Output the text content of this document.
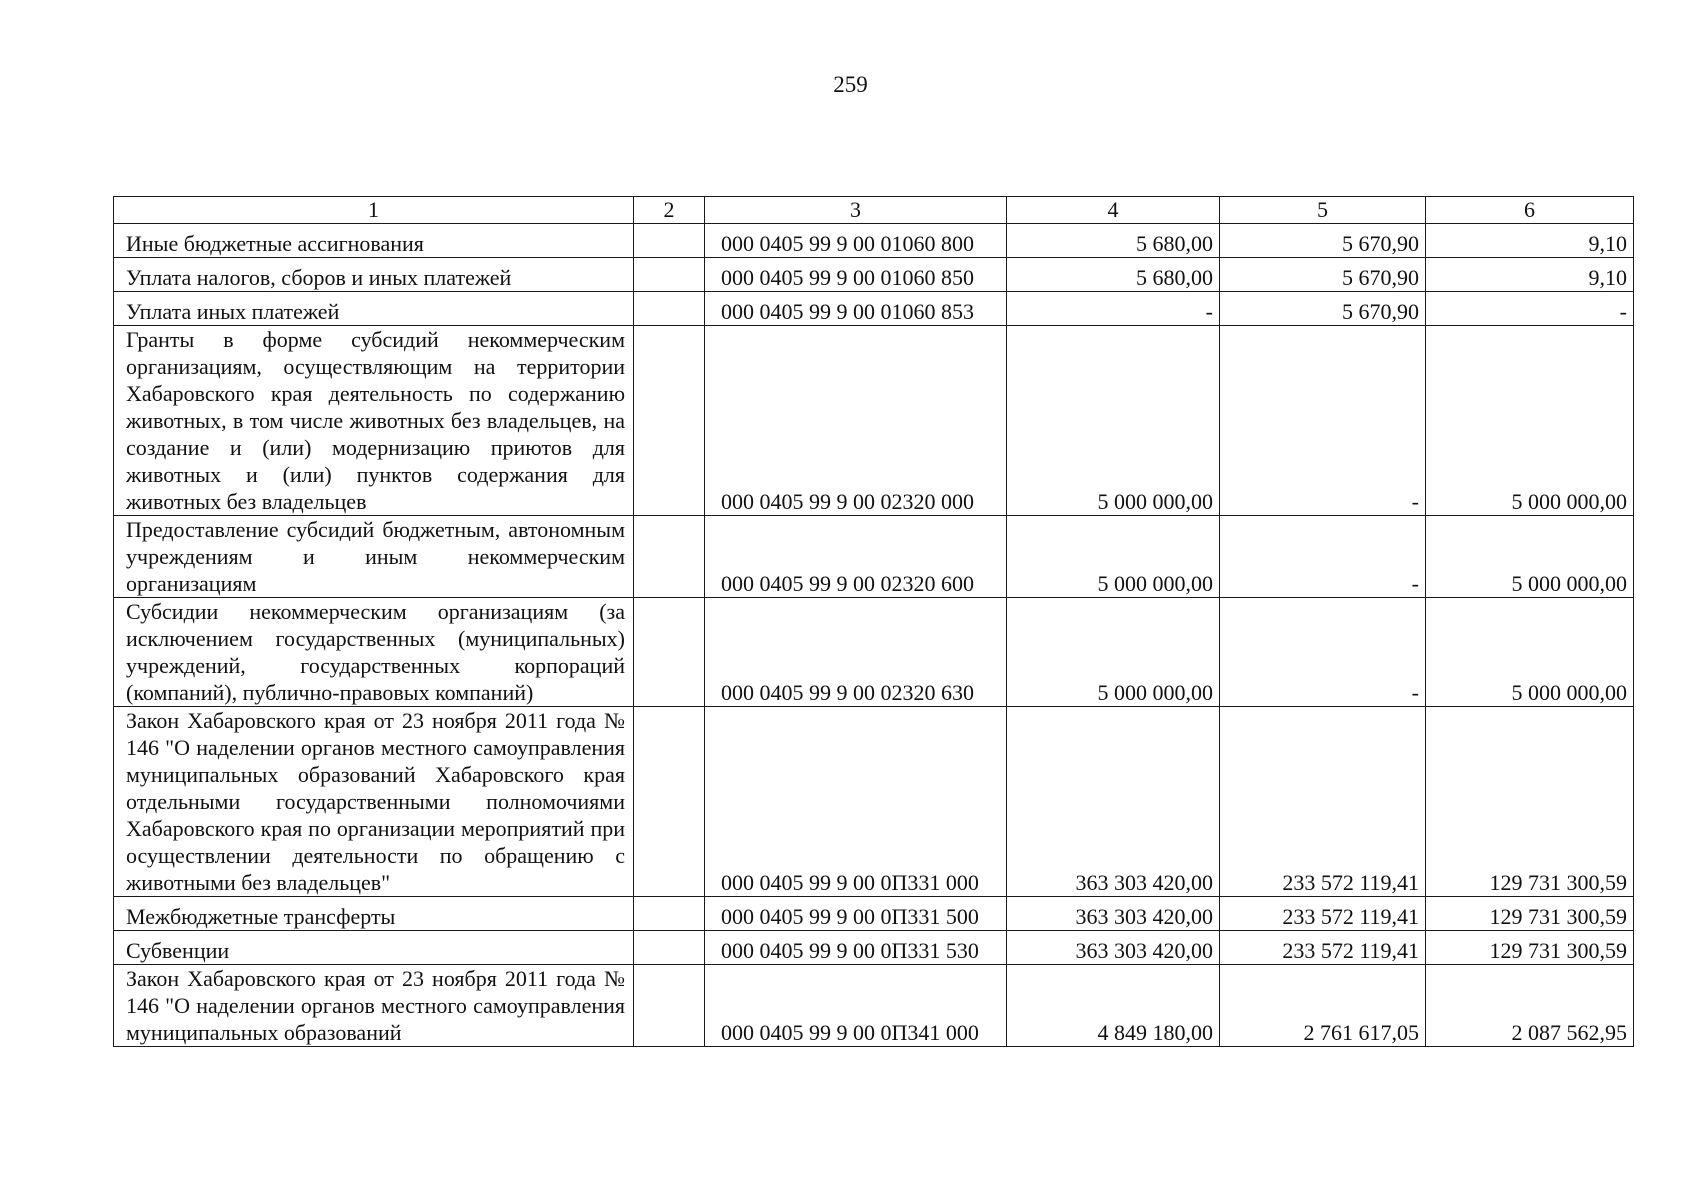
259
1	2	3	4	5	6
Иные бюджетные ассигнования		000 0405 99 9 00 01060 800	5 680,00	5 670,90	9,10
Уплата налогов, сборов и иных платежей		000 0405 99 9 00 01060 850	5 680,00	5 670,90	9,10
Уплата иных платежей		000 0405 99 9 00 01060 853	-	5 670,90	-
Гранты в форме субсидий некоммерческим организациям, осуществляющим на территории Хабаровского края деятельность по содержанию животных, в том числе животных без владельцев, на создание и (или) модернизацию приютов для животных и (или) пунктов содержания для животных без владельцев		000 0405 99 9 00 02320 000	5 000 000,00	-	5 000 000,00
Предоставление субсидий бюджетным, автономным учреждениям и иным некоммерческим организациям		000 0405 99 9 00 02320 600	5 000 000,00	-	5 000 000,00
Субсидии некоммерческим организациям (за исключением государственных (муниципальных) учреждений, государственных корпораций (компаний), публично-правовых компаний)		000 0405 99 9 00 02320 630	5 000 000,00	-	5 000 000,00
Закон Хабаровского края от 23 ноября 2011 года № 146 "О наделении органов местного самоуправления муниципальных образований Хабаровского края отдельными государственными полномочиями Хабаровского края по организации мероприятий при осуществлении деятельности по обращению с животными без владельцев"		000 0405 99 9 00 0П331 000	363 303 420,00	233 572 119,41	129 731 300,59
Межбюджетные трансферты		000 0405 99 9 00 0П331 500	363 303 420,00	233 572 119,41	129 731 300,59
Субвенции		000 0405 99 9 00 0П331 530	363 303 420,00	233 572 119,41	129 731 300,59
Закон Хабаровского края от 23 ноября 2011 года № 146 "О наделении органов местного самоуправления муниципальных образований		000 0405 99 9 00 0П341 000	4 849 180,00	2 761 617,05	2 087 562,95
